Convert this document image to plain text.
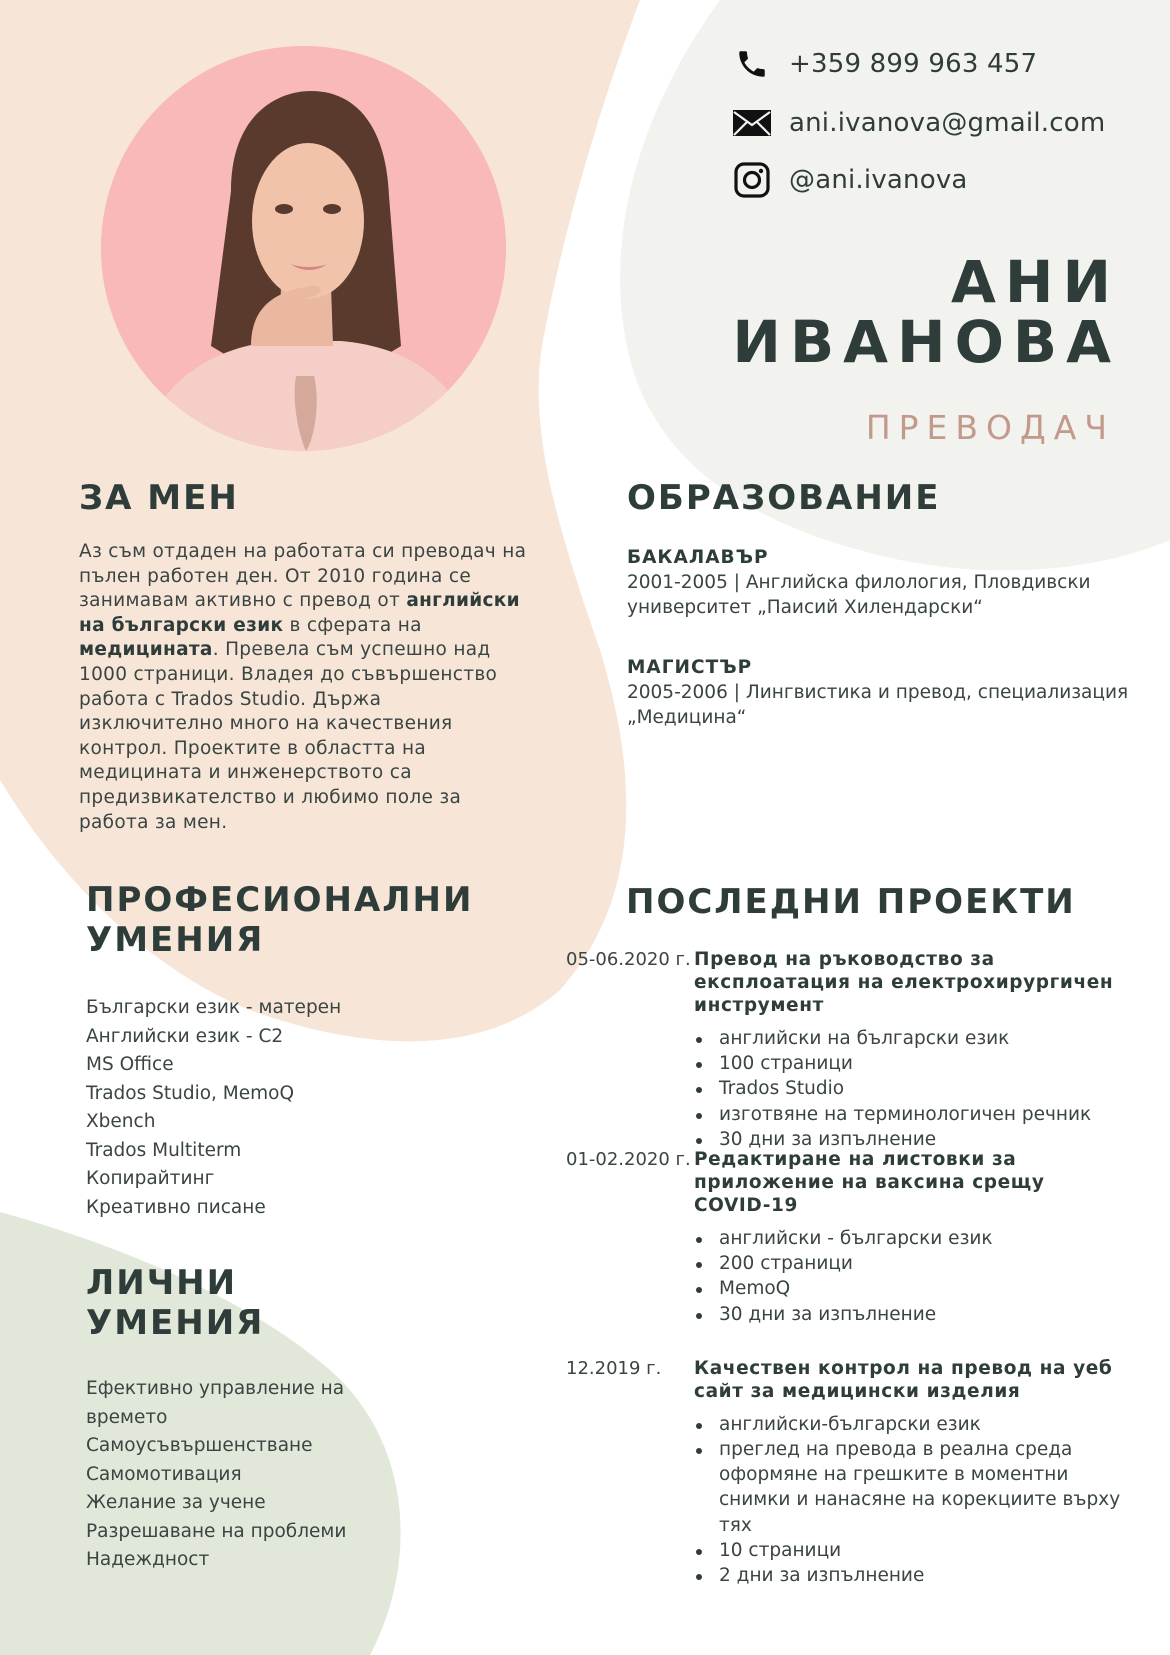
+359 899 963 457
ani.ivanova@gmail.com
@ani.ivanova
АНИ
ИВАНОВА
ПРЕВОДАЧ
ЗА МЕН

Аз съм отдаден на работата си преводач на пълен работен ден. От 2010 година се занимавам активно с превод от английски на български език в сферата на медицината. Превела съм успешно над 1000 страници. Владея до съвършенство работа с Trados Studio. Държа изключително много на качествения контрол. Проектите в областта на медицината и инженерството са предизвикателство и любимо поле за работа за мен.

ОБРАЗОВАНИЕ
БАКАЛАВЪР
2001-2005 | Английска филология, Пловдивски университет „Паисий Хилендарски“
МАГИСТЪР
2005-2006 | Лингвистика и превод, специализация „Медицина“
ПРОФЕСИОНАЛНИ
УМЕНИЯ
Български език - матерен
Английски език - C2
MS Office
Trados Studio, MemoQ
Xbench
Trados Multiterm
Копирайтинг
Креативно писане
ЛИЧНИ УМЕНИЯ
Ефективно управление на времето
Самоусъвършенстване
Самомотивация
Желание за учене
Разрешаване на проблеми
Надеждност
ПОСЛЕДНИ ПРОЕКТИ
05-06.2020 г. Превод на ръководство за експлоатация на електрохирургичен инструмент
английски на български език
100 страници
Trados Studio
изготвяне на терминологичен речник
30 дни за изпълнение
01-02.2020 г. Редактиране на листовки за приложение на ваксина срещу COVID-19
английски - български език
200 страници
MemoQ
30 дни за изпълнение
12.2019 г.	Качествен контрол на превод на уеб сайт за медицински изделия
английски-български език
преглед на превода в реална среда оформяне на грешките в моментни снимки и нанасяне на корекциите върху тях
10 страници
2 дни за изпълнение
